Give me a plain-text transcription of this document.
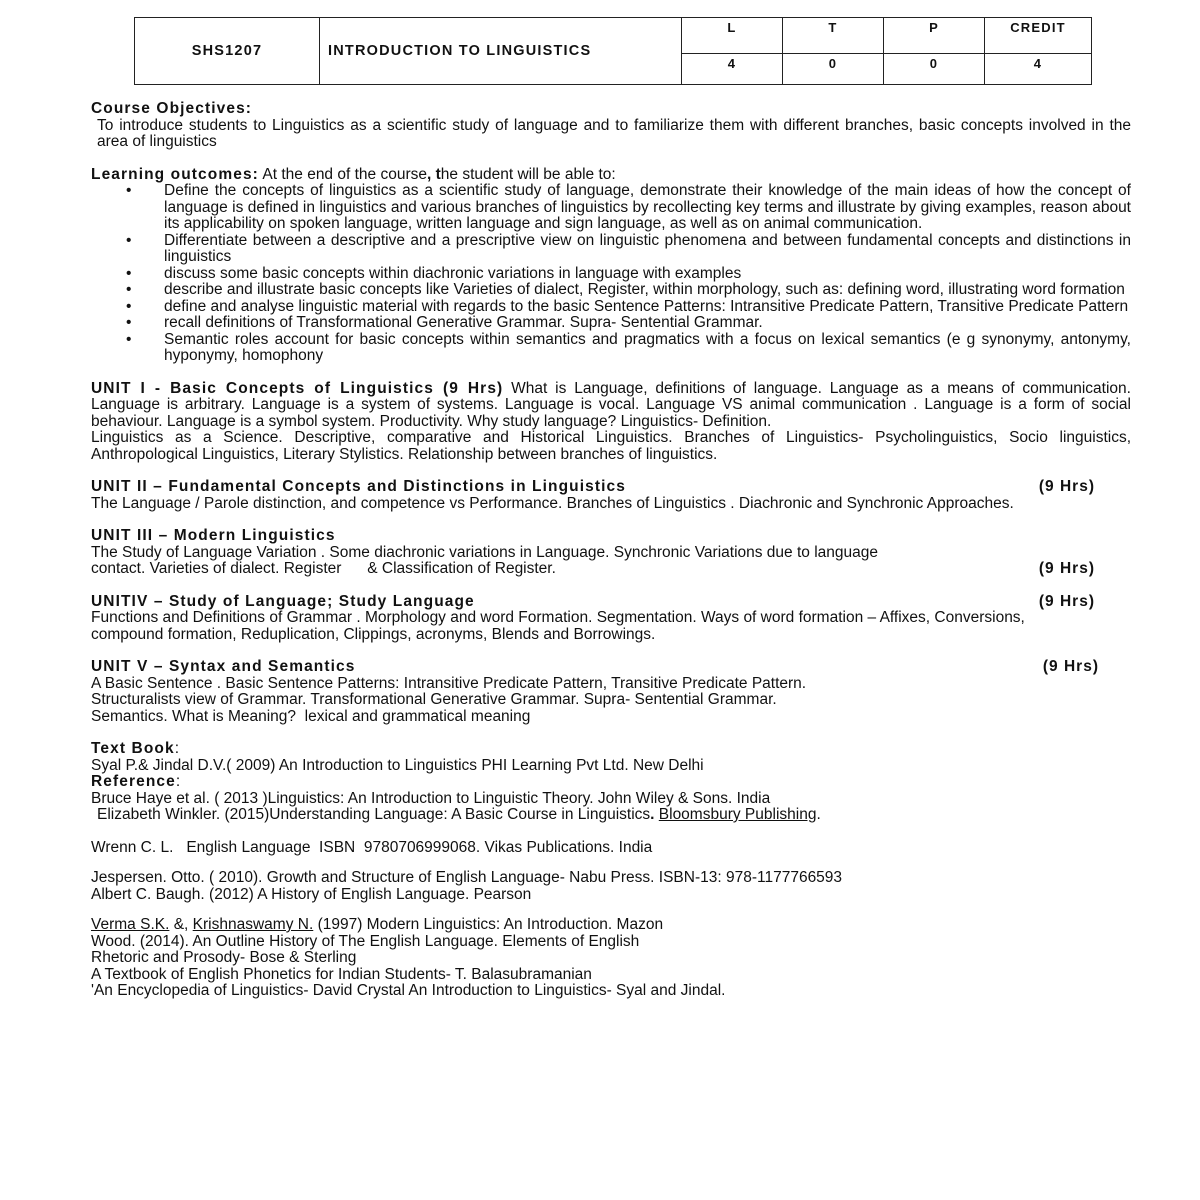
SHS1207	INTRODUCTION TO LINGUISTICS	L	T	P	CREDIT
		4	0	0	4
Course Objectives:
To introduce students to Linguistics as a scientific study of language and to familiarize them with different branches, basic concepts involved in the area of linguistics
Learning outcomes: At the end of the course, the student will be able to:
• Define the concepts of linguistics as a scientific study of language, demonstrate their knowledge of the main ideas of how the concept of language is defined in linguistics and various branches of linguistics by recollecting key terms and illustrate by giving examples, reason about its applicability on spoken language, written language and sign language, as well as on animal communication.
• Differentiate between a descriptive and a prescriptive view on linguistic phenomena and between fundamental concepts and distinctions in linguistics
• discuss some basic concepts within diachronic variations in language with examples
• describe and illustrate basic concepts like Varieties of dialect, Register, within morphology, such as: defining word, illustrating word formation
• define and analyse linguistic material with regards to the basic Sentence Patterns: Intransitive Predicate Pattern, Transitive Predicate Pattern
• recall definitions of Transformational Generative Grammar. Supra- Sentential Grammar.
• Semantic roles account for basic concepts within semantics and pragmatics with a focus on lexical semantics (e g synonymy, antonymy, hyponymy, homophony
UNIT I - Basic Concepts of Linguistics (9 Hrs) What is Language, definitions of language. Language as a means of communication. Language is arbitrary. Language is a system of systems. Language is vocal. Language VS animal communication . Language is a form of social behaviour. Language is a symbol system. Productivity. Why study language? Linguistics- Definition.
Linguistics as a Science. Descriptive, comparative and Historical Linguistics. Branches of Linguistics- Psycholinguistics, Socio linguistics, Anthropological Linguistics, Literary Stylistics. Relationship between branches of linguistics.
UNIT II – Fundamental Concepts and Distinctions in Linguistics	(9 Hrs)
The Language / Parole distinction, and competence vs Performance. Branches of Linguistics . Diachronic and Synchronic Approaches.
UNIT III – Modern Linguistics
The Study of Language Variation . Some diachronic variations in Language. Synchronic Variations due to language
contact. Varieties of dialect. Register      & Classification of Register.	(9 Hrs)
UNITIV – Study of Language; Study Language	(9 Hrs)
Functions and Definitions of Grammar . Morphology and word Formation. Segmentation. Ways of word formation – Affixes, Conversions, compound formation, Reduplication, Clippings, acronyms, Blends and Borrowings.
UNIT V – Syntax and Semantics	(9 Hrs)
A Basic Sentence . Basic Sentence Patterns: Intransitive Predicate Pattern, Transitive Predicate Pattern.
Structuralists view of Grammar. Transformational Generative Grammar. Supra- Sentential Grammar.
Semantics. What is Meaning?  lexical and grammatical meaning
Text Book:
Syal P.& Jindal D.V.( 2009) An Introduction to Linguistics PHI Learning Pvt Ltd. New Delhi
Reference:
Bruce Haye et al. ( 2013 )Linguistics: An Introduction to Linguistic Theory. John Wiley & Sons. India
Elizabeth Winkler. (2015)Understanding Language: A Basic Course in Linguistics. Bloomsbury Publishing.
Wrenn C. L.   English Language  ISBN  9780706999068. Vikas Publications. India
Jespersen. Otto. ( 2010). Growth and Structure of English Language- Nabu Press. ISBN-13: 978-1177766593
Albert C. Baugh. (2012) A History of English Language. Pearson
Verma S.K. &, Krishnaswamy N. (1997) Modern Linguistics: An Introduction. Mazon
Wood. (2014). An Outline History of The English Language. Elements of English
Rhetoric and Prosody- Bose & Sterling
A Textbook of English Phonetics for Indian Students- T. Balasubramanian
'An Encyclopedia of Linguistics- David Crystal An Introduction to Linguistics- Syal and Jindal.
